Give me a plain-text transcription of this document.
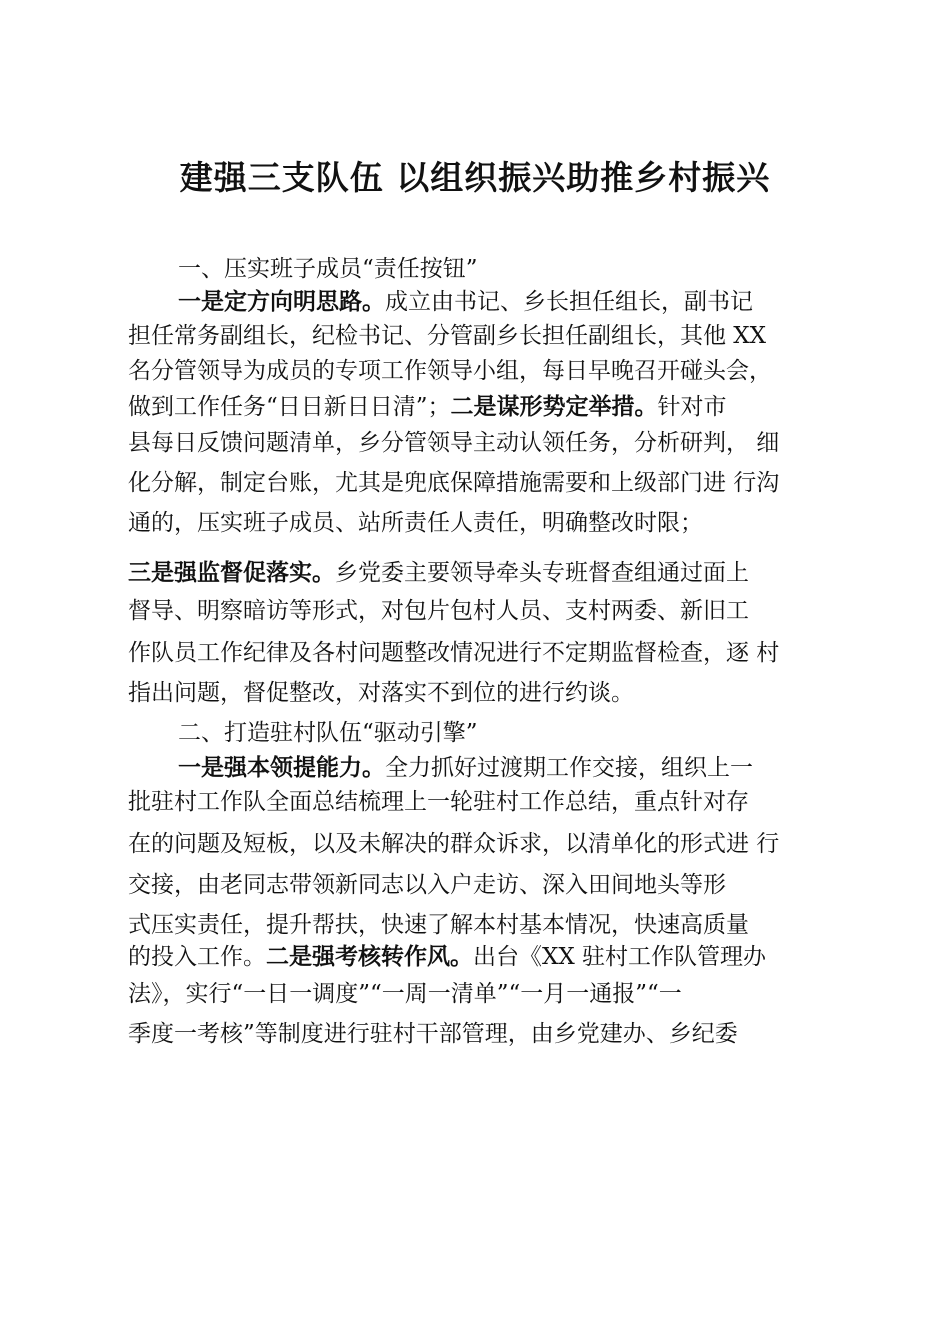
建强三支队伍 以组织振兴助推乡村振兴
一、压实班子成员“责任按钮”
一是定方向明思路。成立由书记、乡长担任组长，副书记
担任常务副组长，纪检书记、分管副乡长担任副组长，其他 XX
名分管领导为成员的专项工作领导小组，每日早晚召开碰头会，
做到工作任务“日日新日日清”；二是谋形势定举措。针对市
县每日反馈问题清单，乡分管领导主动认领任务，分析研判， 细
化分解，制定台账，尤其是兜底保障措施需要和上级部门进 行沟
通的，压实班子成员、站所责任人责任，明确整改时限；
三是强监督促落实。乡党委主要领导牵头专班督查组通过面上
督导、明察暗访等形式，对包片包村人员、支村两委、新旧工
作队员工作纪律及各村问题整改情况进行不定期监督检查，逐 村
指出问题，督促整改，对落实不到位的进行约谈。
二、打造驻村队伍“驱动引擎”
一是强本领提能力。全力抓好过渡期工作交接，组织上一
批驻村工作队全面总结梳理上一轮驻村工作总结，重点针对存
在的问题及短板，以及未解决的群众诉求，以清单化的形式进 行
交接，由老同志带领新同志以入户走访、深入田间地头等形
式压实责任，提升帮扶，快速了解本村基本情况，快速高质量
的投入工作。二是强考核转作风。出台《XX 驻村工作队管理办
法》，实行“一日一调度”“一周一清单”“一月一通报”“一
季度一考核”等制度进行驻村干部管理，由乡党建办、乡纪委
